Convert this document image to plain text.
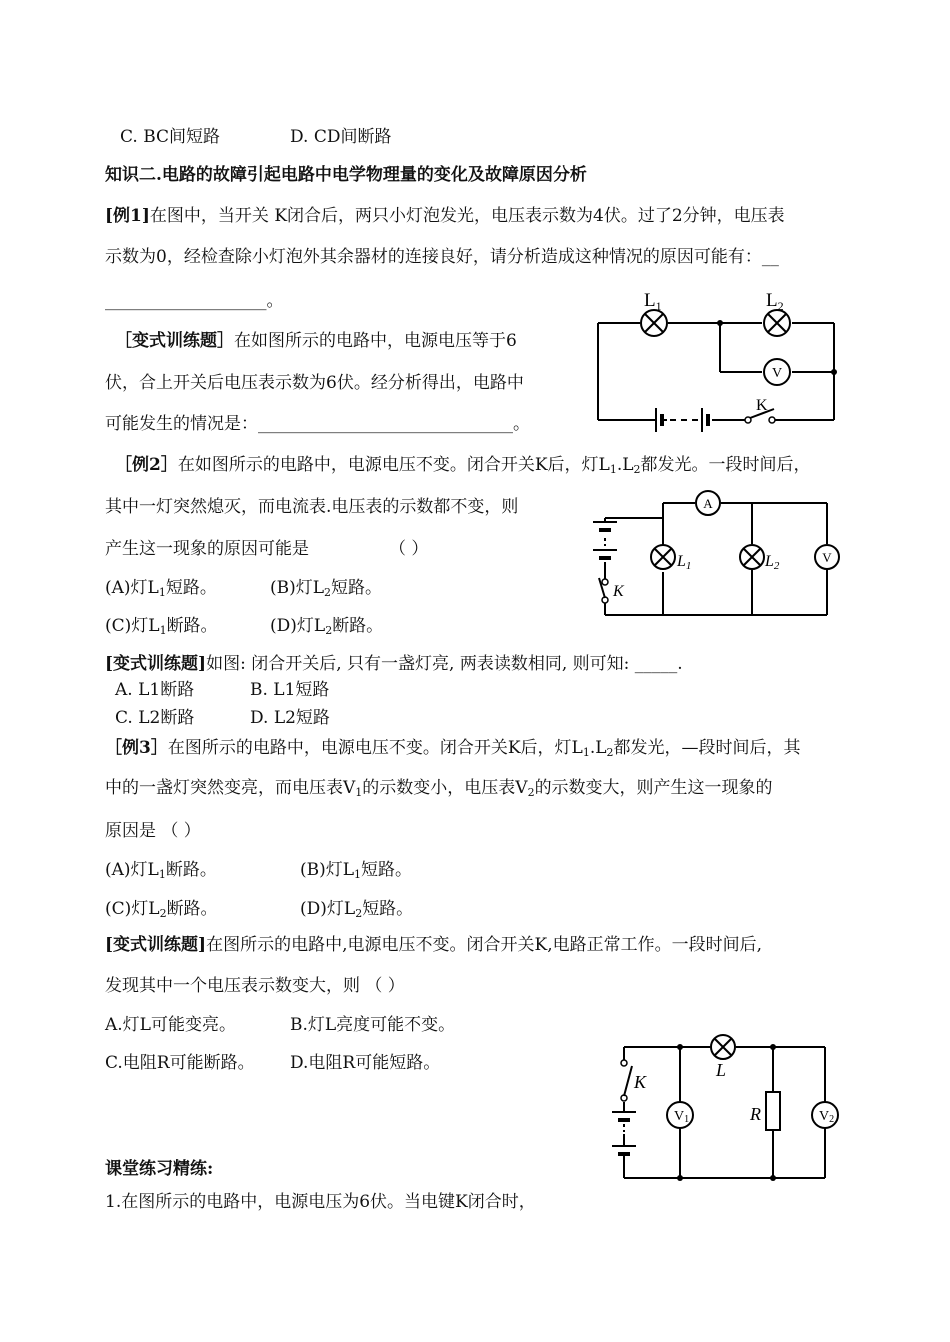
C. BC间短路	D. CD间断路
知识二.电路的故障引起电路中电学物理量的变化及故障原因分析
[例1]在图中，当开关 K闭合后，两只小灯泡发光，电压表示数为4伏。过了2分钟，电压表
示数为0，经检查除小灯泡外其余器材的连接良好，请分析造成这种情况的原因可能有：__
___________________。
［变式训练题］在如图所示的电路中，电源电压等于6
伏，合上开关后电压表示数为6伏。经分析得出，电路中
可能发生的情况是：______________________________。
V
$L_1$	$L_2$
K
［例2］在如图所示的电路中，电源电压不变。闭合开关K后，灯$L_1.L_2$都发光。一段时间后，
其中一灯突然熄灭，而电流表.电压表的示数都不变，则
产生这一现象的原因可能是	（ ）
(A)灯$L_1$短路。	(B)灯$L_2$短路。
(C)灯$L_1$断路。	(D)灯$L_2$断路。
A
V
L1	L2
K
[变式训练题]如图: 闭合开关后, 只有一盏灯亮, 两表读数相同, 则可知: _____.
A. L1断路	B. L1短路
C. L2断路	D. L2短路
［例3］在图所示的电路中，电源电压不变。闭合开关K后，灯$L_1.L_2$都发光，—段时间后，其
中的一盏灯突然变亮，而电压表$V_1$的示数变小，电压表$V_2$的示数变大，则产生这一现象的
原因是 （ ）
(A)灯$L_1$断路。	(B)灯$L_1$短路。
(C)灯$L_2$断路。	(D)灯$L_2$短路。
[变式训练题]在图所示的电路中,电源电压不变。闭合开关K,电路正常工作。一段时间后,
发现其中一个电压表示数变大，则 （ ）
A.灯L可能变亮。	B.灯L亮度可能不变。
C.电阻R可能断路。 D.电阻R可能短路。
V1	V2
K
L
R
课堂练习精练:
1.在图所示的电路中，电源电压为6伏。当电键K闭合时，
